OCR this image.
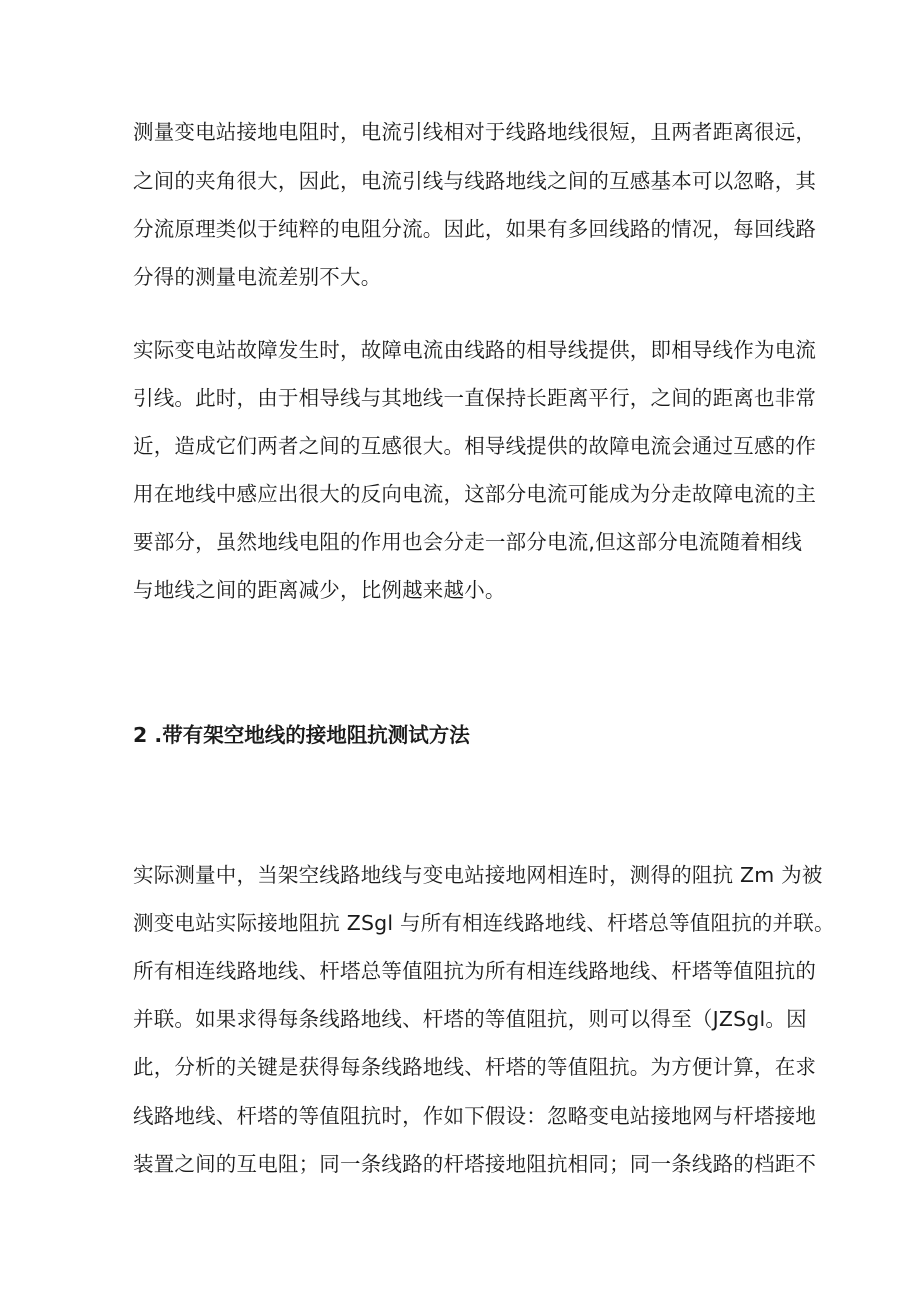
测量变电站接地电阻时，电流引线相对于线路地线很短，且两者距离很远，

之间的夹角很大，因此，电流引线与线路地线之间的互感基本可以忽略，其

分流原理类似于纯粹的电阻分流。因此，如果有多回线路的情况，每回线路

分得的测量电流差别不大。

实际变电站故障发生时，故障电流由线路的相导线提供，即相导线作为电流

引线。此时，由于相导线与其地线一直保持长距离平行，之间的距离也非常

近，造成它们两者之间的互感很大。相导线提供的故障电流会通过互感的作

用在地线中感应出很大的反向电流，这部分电流可能成为分走故障电流的主

要部分，虽然地线电阻的作用也会分走一部分电流,但这部分电流随着相线

与地线之间的距离减少，比例越来越小。

2 .带有架空地线的接地阻抗测试方法

实际测量中，当架空线路地线与变电站接地网相连时，测得的阻抗 Zm 为被

测变电站实际接地阻抗 ZSgl 与所有相连线路地线、杆塔总等值阻抗的并联。

所有相连线路地线、杆塔总等值阻抗为所有相连线路地线、杆塔等值阻抗的

并联。如果求得每条线路地线、杆塔的等值阻抗，则可以得至（JZSgl。因

此，分析的关键是获得每条线路地线、杆塔的等值阻抗。为方便计算，在求

线路地线、杆塔的等值阻抗时，作如下假设：忽略变电站接地网与杆塔接地

装置之间的互电阻；同一条线路的杆塔接地阻抗相同；同一条线路的档距不
